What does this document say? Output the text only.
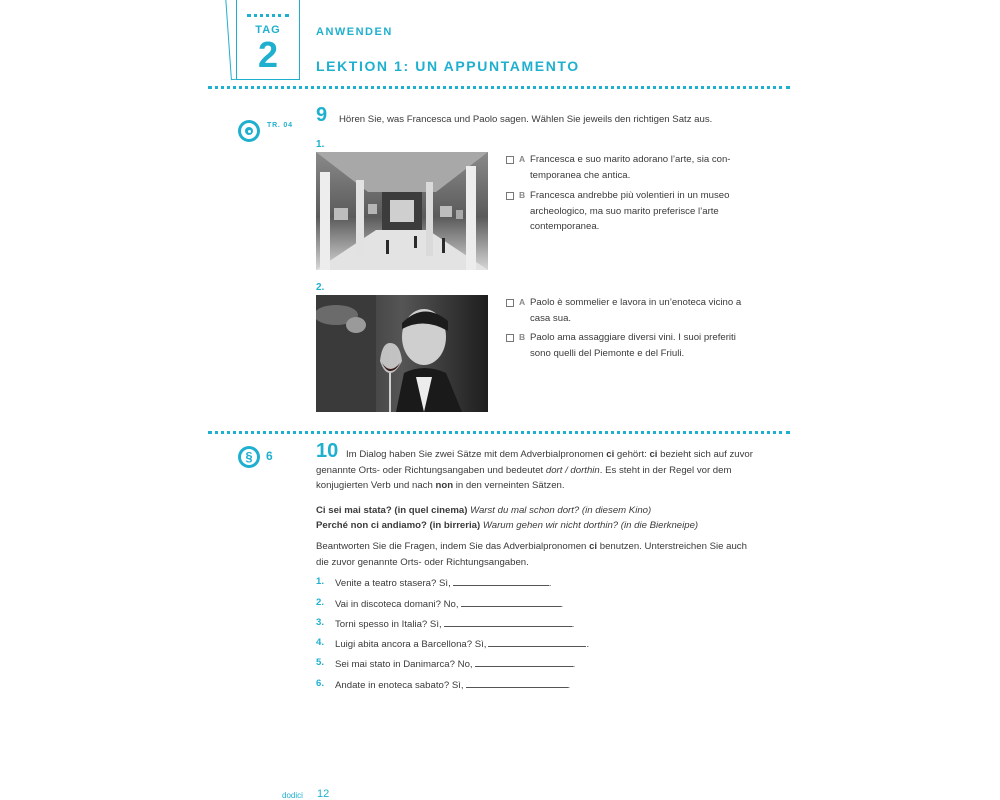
TAG
2
ANWENDEN
LEKTION 1: UN APPUNTAMENTO
TR. 04 9 Hören Sie, was Francesca und Paolo sagen. Wählen Sie jeweils den richtigen Satz aus.
1.
A Francesca e suo marito adorano l’arte, sia con-temporanea che antica.
B Francesca andrebbe più volentieri in un museo archeologico, ma suo marito preferisce l’arte contemporanea.
2.
A Paolo è sommelier e lavora in un’enoteca vicino a casa sua.
B Paolo ama assaggiare diversi vini. I suoi preferiti sono quelli del Piemonte e del Friuli.
§	6 10 Im Dialog haben Sie zwei Sätze mit dem Adverbialpronomen ci gehört: ci bezieht sich auf zuvor genannte Orts- oder Richtungsangaben und bedeutet dort / dorthin. Es steht in der Regel vor dem konjugierten Verb und nach non in den verneinten Sätzen.
Ci sei mai stata? (in quel cinema) Warst du mal schon dort? (in diesem Kino)
Perché non ci andiamo? (in birreria) Warum gehen wir nicht dorthin? (in die Bierkneipe)
Beantworten Sie die Fragen, indem Sie das Adverbialpronomen ci benutzen. Unterstreichen Sie auch die zuvor genannte Orts- oder Richtungsangaben.
1. Venite a teatro stasera? Sì,	.
2. Vai in discoteca domani? No,	.
3. Torni spesso in Italia? Sì,	.
4. Luigi abita ancora a Barcellona? Sì,	.
5. Sei mai stato in Danimarca? No,	.
6. Andate in enoteca sabato? Sì,	.
dodici 12
